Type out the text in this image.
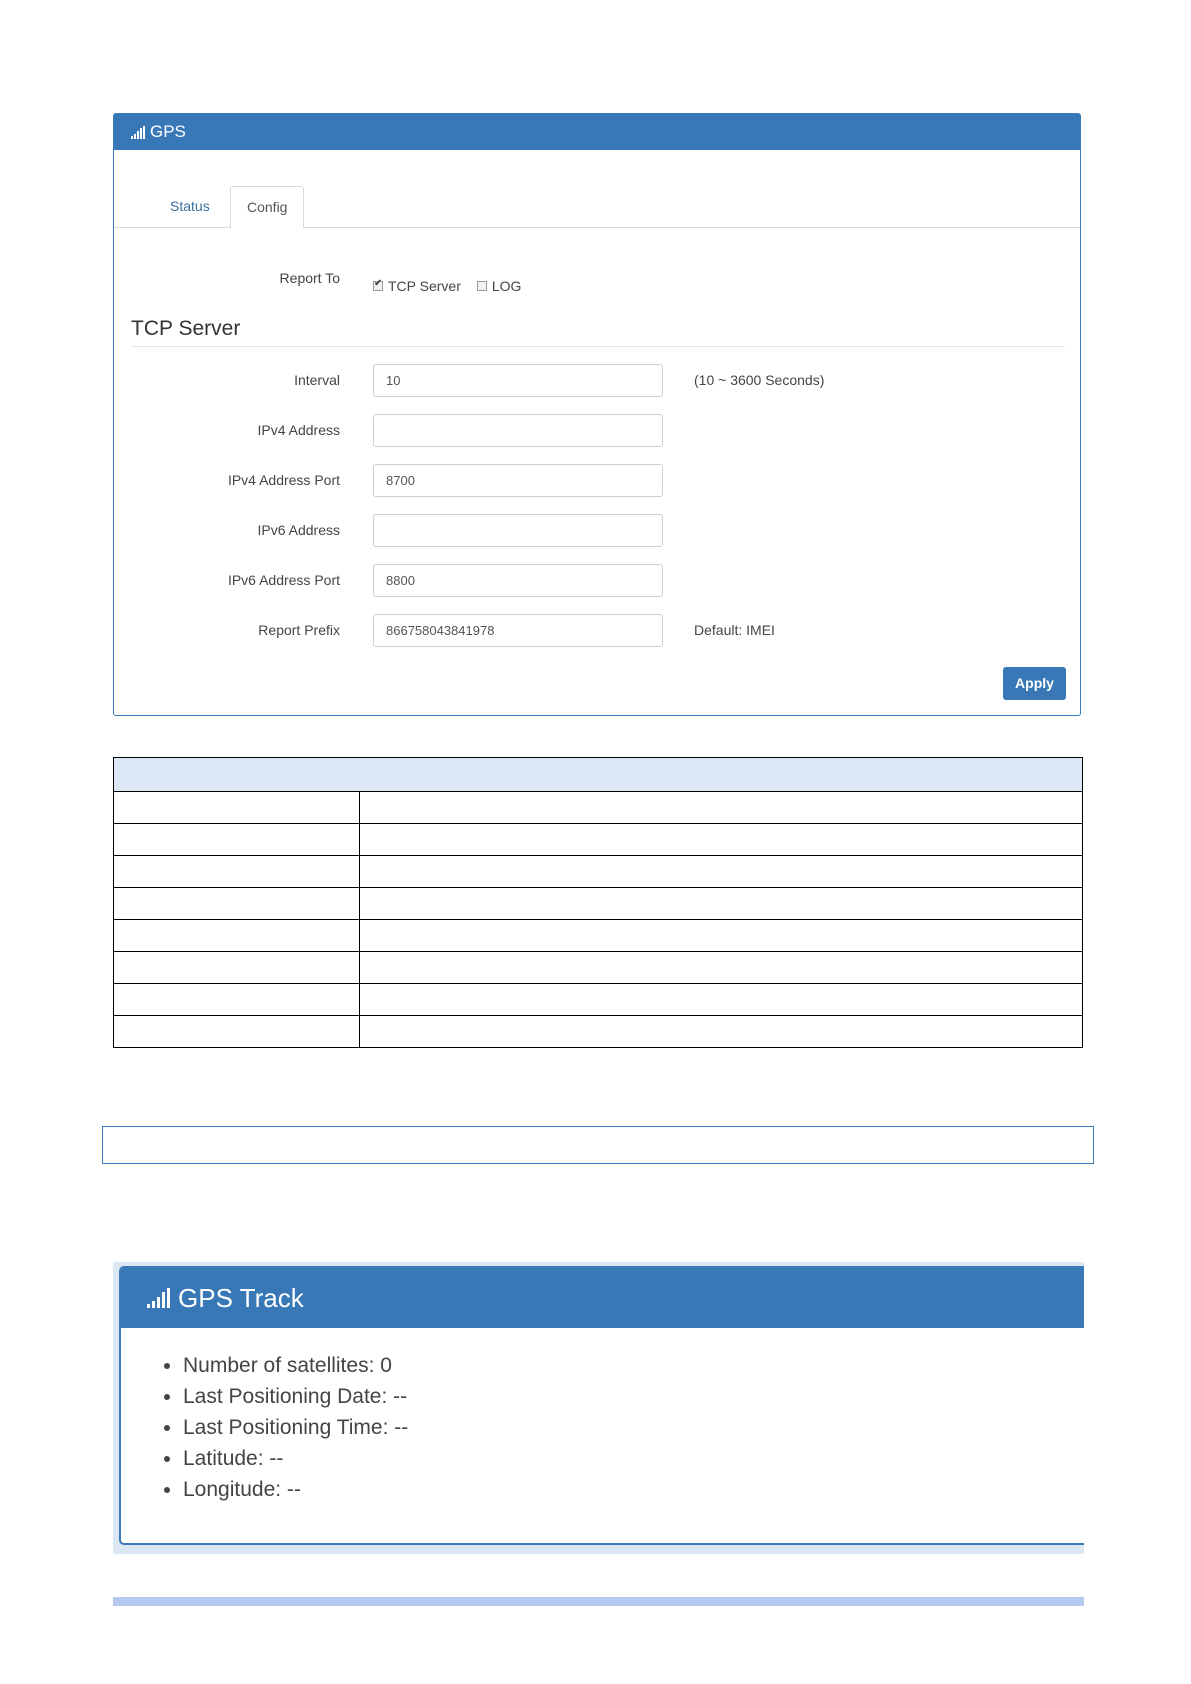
GPS
Status	Config
Report To
✔	TCP Server LOG
TCP Server
Interval	10	(10 ~ 3600 Seconds)
IPv4 Address
IPv4 Address Port	8700
IPv6 Address
IPv6 Address Port	8800
Report Prefix	866758043841978	Default: IMEI
Apply

GPS Track
• Number of satellites: 0
• Last Positioning Date: --
• Last Positioning Time: --
• Latitude: --
• Longitude: --
